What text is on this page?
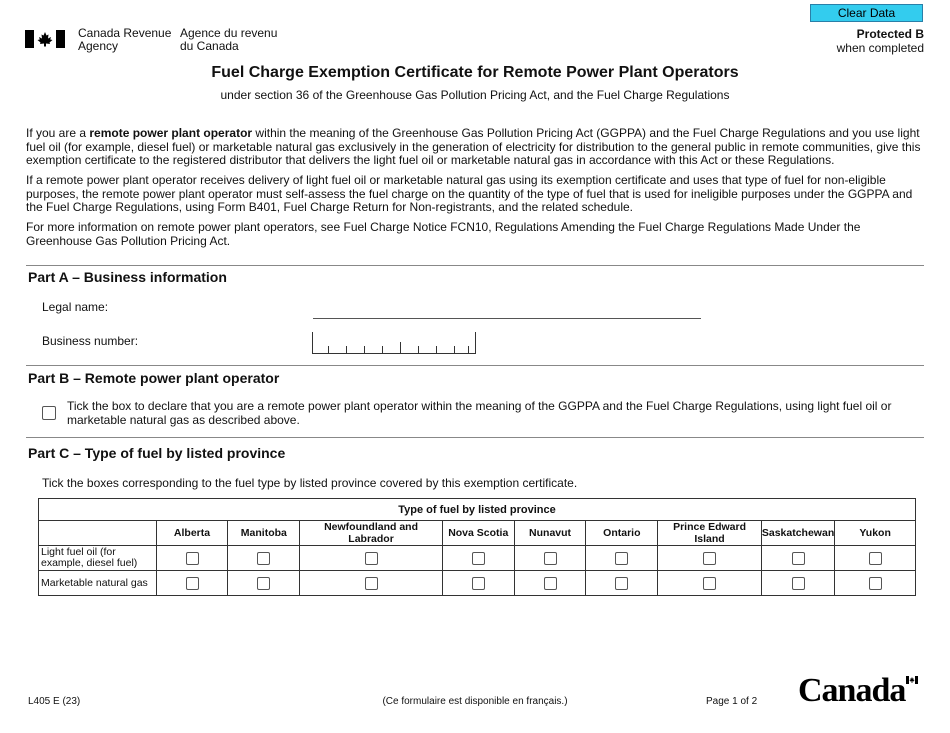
Canada Revenue
Agency
Agence du revenu
du Canada
Clear Data
Protected B
when completed
Fuel Charge Exemption Certificate for Remote Power Plant Operators
under section 36 of the Greenhouse Gas Pollution Pricing Act, and the Fuel Charge Regulations
If you are a remote power plant operator within the meaning of the Greenhouse Gas Pollution Pricing Act (GGPPA) and the Fuel Charge Regulations and you use light fuel oil (for example, diesel fuel) or marketable natural gas exclusively in the generation of electricity for distribution to the general public in remote communities, give this exemption certificate to the registered distributor that delivers the light fuel oil or marketable natural gas in accordance with this Act or these Regulations.
If a remote power plant operator receives delivery of light fuel oil or marketable natural gas using its exemption certificate and uses that type of fuel for non-eligible purposes, the remote power plant operator must self-assess the fuel charge on the quantity of the type of fuel that is used for ineligible purposes under the GGPPA and the Fuel Charge Regulations, using Form B401, Fuel Charge Return for Non-registrants, and the related schedule.
For more information on remote power plant operators, see Fuel Charge Notice FCN10, Regulations Amending the Fuel Charge Regulations Made Under the Greenhouse Gas Pollution Pricing Act.
Part A – Business information
Legal name:
Business number:
Part B – Remote power plant operator
Tick the box to declare that you are a remote power plant operator within the meaning of the GGPPA and the Fuel Charge Regulations, using light fuel oil or marketable natural gas as described above.
Part C – Type of fuel by listed province
Tick the boxes corresponding to the fuel type by listed province covered by this exemption certificate.
Type of fuel by listed province									
	Alberta	Manitoba	Newfoundland and Labrador	Nova Scotia	Nunavut	Ontario	Prince Edward Island	Saskatchewan	Yukon
Light fuel oil (for example, diesel fuel)									
Marketable natural gas									
L405 E (23)	(Ce formulaire est disponible en français.)	Page 1 of 2 Canada
